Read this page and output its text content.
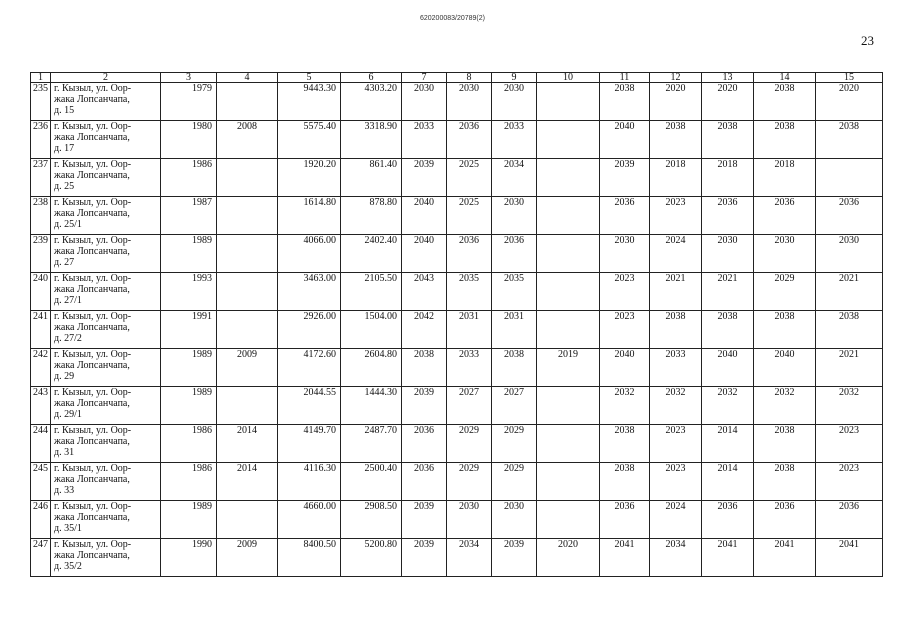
620200083/20789(2)
23
1	2	3	4	5	6	7	8	9	10	11	12	13	14	15
235	г. Кызыл, ул. Оор-
жака Лопсанчапа,
д. 15	1979		9443.30	4303.20	2030	2030	2030		2038	2020	2020	2038	2020
236	г. Кызыл, ул. Оор-
жака Лопсанчапа,
д. 17	1980	2008	5575.40	3318.90	2033	2036	2033		2040	2038	2038	2038	2038
237	г. Кызыл, ул. Оор-
жака Лопсанчапа,
д. 25	1986		1920.20	861.40	2039	2025	2034		2039	2018	2018	2018	
238	г. Кызыл, ул. Оор-
жака Лопсанчапа,
д. 25/1	1987		1614.80	878.80	2040	2025	2030		2036	2023	2036	2036	2036
239	г. Кызыл, ул. Оор-
жака Лопсанчапа,
д. 27	1989		4066.00	2402.40	2040	2036	2036		2030	2024	2030	2030	2030
240	г. Кызыл, ул. Оор-
жака Лопсанчапа,
д. 27/1	1993		3463.00	2105.50	2043	2035	2035		2023	2021	2021	2029	2021
241	г. Кызыл, ул. Оор-
жака Лопсанчапа,
д. 27/2	1991		2926.00	1504.00	2042	2031	2031		2023	2038	2038	2038	2038
242	г. Кызыл, ул. Оор-
жака Лопсанчапа,
д. 29	1989	2009	4172.60	2604.80	2038	2033	2038	2019	2040	2033	2040	2040	2021
243	г. Кызыл, ул. Оор-
жака Лопсанчапа,
д. 29/1	1989		2044.55	1444.30	2039	2027	2027		2032	2032	2032	2032	2032
244	г. Кызыл, ул. Оор-
жака Лопсанчапа,
д. 31	1986	2014	4149.70	2487.70	2036	2029	2029		2038	2023	2014	2038	2023
245	г. Кызыл, ул. Оор-
жака Лопсанчапа,
д. 33	1986	2014	4116.30	2500.40	2036	2029	2029		2038	2023	2014	2038	2023
246	г. Кызыл, ул. Оор-
жака Лопсанчапа,
д. 35/1	1989		4660.00	2908.50	2039	2030	2030		2036	2024	2036	2036	2036
247	г. Кызыл, ул. Оор-
жака Лопсанчапа,
д. 35/2	1990	2009	8400.50	5200.80	2039	2034	2039	2020	2041	2034	2041	2041	2041
